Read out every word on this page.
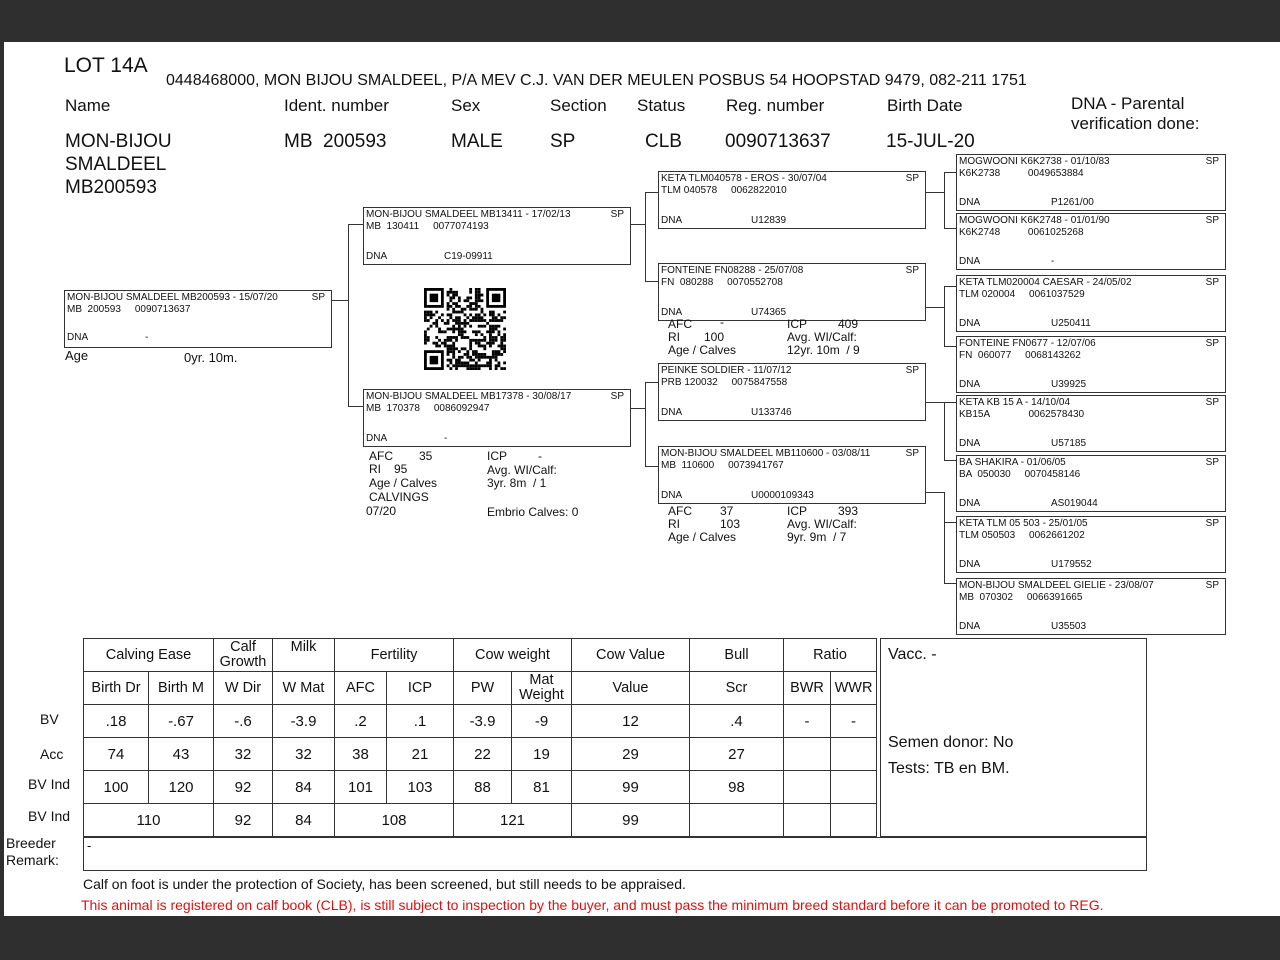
LOT 14A
0448468000, MON BIJOU SMALDEEL, P/A MEV C.J. VAN DER MEULEN POSBUS 54 HOOPSTAD 9479, 082-211 1751
Name	Ident. number	Sex	Section Status Reg. number	Birth Date	DNA - Parental
verification done:
MON-BIJOU
SMALDEEL
MB200593
MB  200593	MALE SP	CLB 0090713637	15-JUL-20
MON-BIJOU SMALDEEL MB200593 - 15/07/20	SP
MB  200593     0090713637
DNA	-
Age	0yr. 10m.
MON-BIJOU SMALDEEL MB13411 - 17/02/13	SP
MB  130411     0077074193
DNA	C19-09911
MON-BIJOU SMALDEEL MB17378 - 30/08/17	SP
MB  170378     0086092947
DNA	-
AFC 35	ICP	-
RI 95	Avg. WI/Calf:
Age / Calves	3yr. 8m  / 1
CALVINGS
07/20	Embrio Calves: 0
KETA TLM040578 - EROS - 30/07/04	SP
TLM 040578     0062822010
DNA	U12839
FONTEINE FN08288 - 25/07/08	SP
FN  080288     0070552708
DNA	U74365
AFC -	ICP	409
RI 100	Avg. WI/Calf:
Age / Calves	12yr. 10m  / 9
PEINKE SOLDIER - 11/07/12	SP
PRB 120032     0075847558
DNA	U133746
MON-BIJOU SMALDEEL MB110600 - 03/08/11	SP
MB  110600     0073941767
DNA	U0000109343
AFC 37	ICP	393
RI	103	Avg. WI/Calf:
Age / Calves	9yr. 9m  / 7
MOGWOONI K6K2738 - 01/10/83	SP
K6K2738          0049653884
DNA	P1261/00
MOGWOONI K6K2748 - 01/01/90	SP
K6K2748          0061025268
DNA	-
KETA TLM020004 CAESAR - 24/05/02	SP
TLM 020004     0061037529
DNA	U250411
FONTEINE FN0677 - 12/07/06	SP
FN  060077     0068143262
DNA	U39925
KETA KB 15 A - 14/10/04	SP
KB15A              0062578430
DNA	U57185
BA SHAKIRA - 01/06/05	SP
BA  050030     0070458146
DNA	AS019044
KETA TLM 05 503 - 25/01/05	SP
TLM 050503     0062661202
DNA	U179552
MON-BIJOU SMALDEEL GIELIE - 23/08/07	SP
MB  070302     0066391665
DNA	U35503
BV
Acc
BV Ind
BV Ind
Calving Ease		Calf Growth	Milk	Fertility		Cow weight		Cow Value	Bull	Ratio	
Birth Dr	Birth M	W Dir	W Mat	AFC	ICP	PW	Mat Weight	Value	Scr	BWR	WWR
.18	-.67	-.6	-3.9	.2	.1	-3.9	-9	12	.4	-	-
74	43	32	32	38	21	22	19	29	27		
100	120	92	84	101	103	88	81	99	98		
110		92	84	108		121		99			
Vacc. -
Semen donor: No
Tests: TB en BM.
Breeder
Remark:
-
Calf on foot is under the protection of Society, has been screened, but still needs to be appraised.
This animal is registered on calf book (CLB), is still subject to inspection by the buyer, and must pass the minimum breed standard before it can be promoted to REG.
